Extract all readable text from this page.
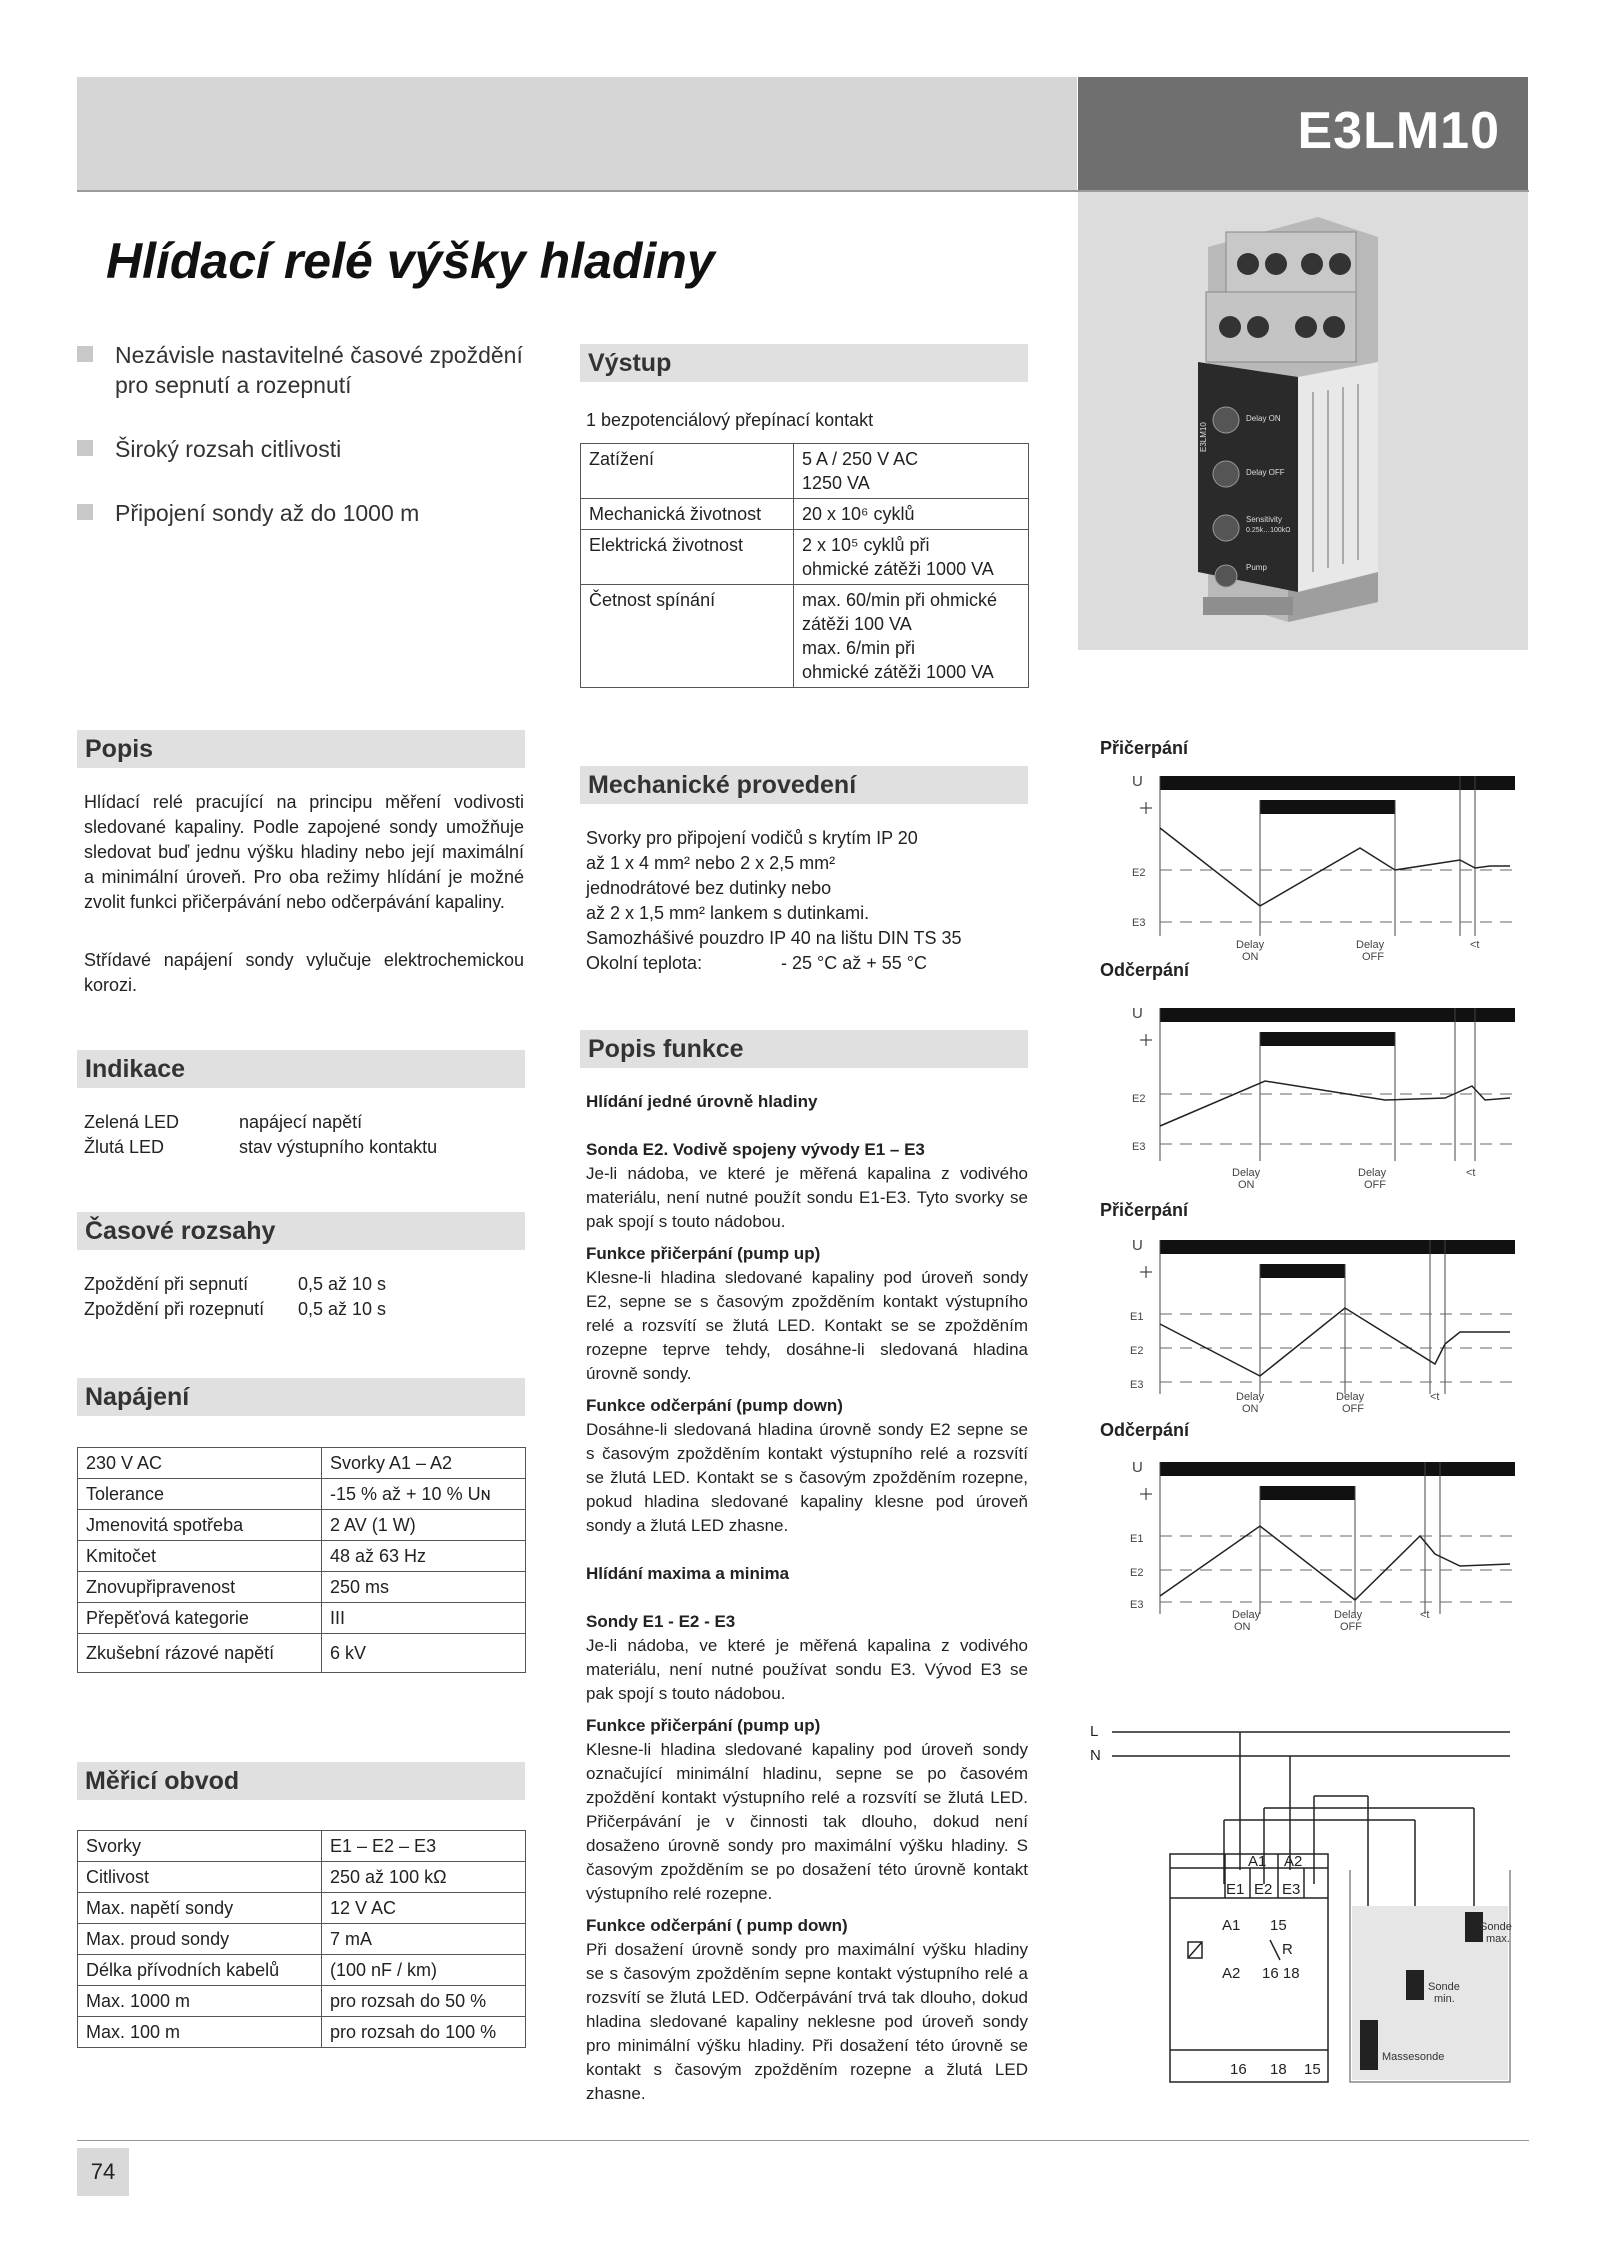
E3LM10
Hlídací relé výšky hladiny
Nezávisle nastavitelné časové zpoždění pro sepnutí a rozepnutí
Široký rozsah citlivosti
Připojení sondy až do 1000 m
Popis
Hlídací relé pracující na principu měření vodivosti sledované kapaliny. Podle zapojené sondy umožňuje sledovat buď jednu výšku hladiny nebo její maximální a minimální úroveň. Pro oba režimy hlídání je možné zvolit funkci přičerpávání nebo odčerpávání kapaliny.
Střídavé napájení sondy vylučuje elektrochemickou korozi.
Indikace
Zelená LED	napájecí napětí
Žlutá LED	stav výstupního kontaktu
Časové rozsahy
Zpoždění při sepnutí	0,5 až 10 s
Zpoždění při rozepnutí 0,5 až 10 s
Napájení
230 V AC	Svorky A1 – A2
Tolerance	-15 % až + 10 % Uɴ
Jmenovitá spotřeba	2 AV (1 W)
Kmitočet	48 až 63 Hz
Znovupřipravenost	250 ms
Přepěťová kategorie	III
Zkušební rázové napětí	6 kV
Měřicí obvod
Svorky	E1 – E2 – E3
Citlivost	250 až 100 kΩ
Max. napětí sondy	12 V AC
Max. proud sondy	7 mA
Délka přívodních kabelů	(100 nF / km)
Max. 1000 m	pro rozsah do 50 %
Max. 100 m	pro rozsah do 100 %
Výstup
1 bezpotenciálový přepínací kontakt
Zatížení	5 A / 250 V AC
1250 VA

Mechanická životnost	20 x 10⁶ cyklů
Elektrická životnost	2 x 10⁵ cyklů při
ohmické zátěži 1000 VA

Četnost spínání	max. 60/min při ohmické
zátěži 100 VA
max. 6/min při
ohmické zátěži 1000 VA
Mechanické provedení
Svorky pro připojení vodičů s krytím IP 20
až 1 x 4 mm² nebo 2 x 2,5 mm²
jednodrátové bez dutinky nebo
až 2 x 1,5 mm² lankem s dutinkami.
Samozhášivé pouzdro IP 40 na lištu DIN TS 35
Okolní teplota:	- 25 °C až + 55 °C
Popis funkce
Hlídání jedné úrovně hladiny
Sonda E2. Vodivě spojeny vývody E1 – E3
Je-li nádoba, ve které je měřená kapalina z vodivého materiálu, není nutné použít sondu E1-E3. Tyto svorky se pak spojí s touto nádobou.
Funkce přičerpání (pump up)
Klesne-li hladina sledované kapaliny pod úroveň sondy E2, sepne se s časovým zpožděním kontakt výstupního relé a rozsvítí se žlutá LED. Kontakt se se zpožděním rozepne teprve tehdy, dosáhne-li sledovaná hladina úrovně sondy.
Funkce odčerpání (pump down)
Dosáhne-li sledovaná hladina úrovně sondy E2 sepne se s časovým zpožděním kontakt výstupního relé a rozsvítí se žlutá LED. Kontakt se s časovým zpožděním rozepne, pokud hladina sledované kapaliny klesne pod úroveň sondy a žlutá LED zhasne.
Hlídání maxima a minima
Sondy E1 - E2 - E3
Je-li nádoba, ve které je měřená kapalina z vodivého materiálu, není nutné používat sondu E3. Vývod E3 se pak spojí s touto nádobou.
Funkce přičerpání (pump up)
Klesne-li hladina sledované kapaliny pod úroveň sondy označující minimální hladinu, sepne se po časovém zpoždění kontakt výstupního relé a rozsvítí se žlutá LED. Přičerpávání je v činnosti tak dlouho, dokud není dosaženo úrovně sondy pro maximální výšku hladiny. S časovým zpožděním se po dosažení této úrovně kontakt výstupního relé rozepne.
Funkce odčerpání ( pump down)
Při dosažení úrovně sondy pro maximální výšku hladiny se s časovým zpožděním sepne kontakt výstupního relé a rozsvítí se žlutá LED. Odčerpávání trvá tak dlouho, dokud hladina sledované kapaliny neklesne pod úroveň sondy pro minimální výšku hladiny. Při dosažení této úrovně se kontakt s časovým zpožděním rozepne a žlutá LED zhasne.
Delay ON
Delay OFF
Sensitivity
0.25k…100kΩ
Pump
E3LM10
Přičerpání
U
E2
E3
Delay
ON
Delay
OFF
<t
Odčerpání
U
E2
E3
Delay
ON
Delay
OFF
<t
Přičerpání
U
E1
E2
E3
Delay
ON
Delay
OFF
<t
Odčerpání
U
E1
E2
E3
Delay
ON
Delay
OFF
<t
L
N
A1 A2
E1 E2 E3
A1 15
R
A2 16 18
16 18 15
Sonde
max.
Sonde
min.
Massesonde
74
